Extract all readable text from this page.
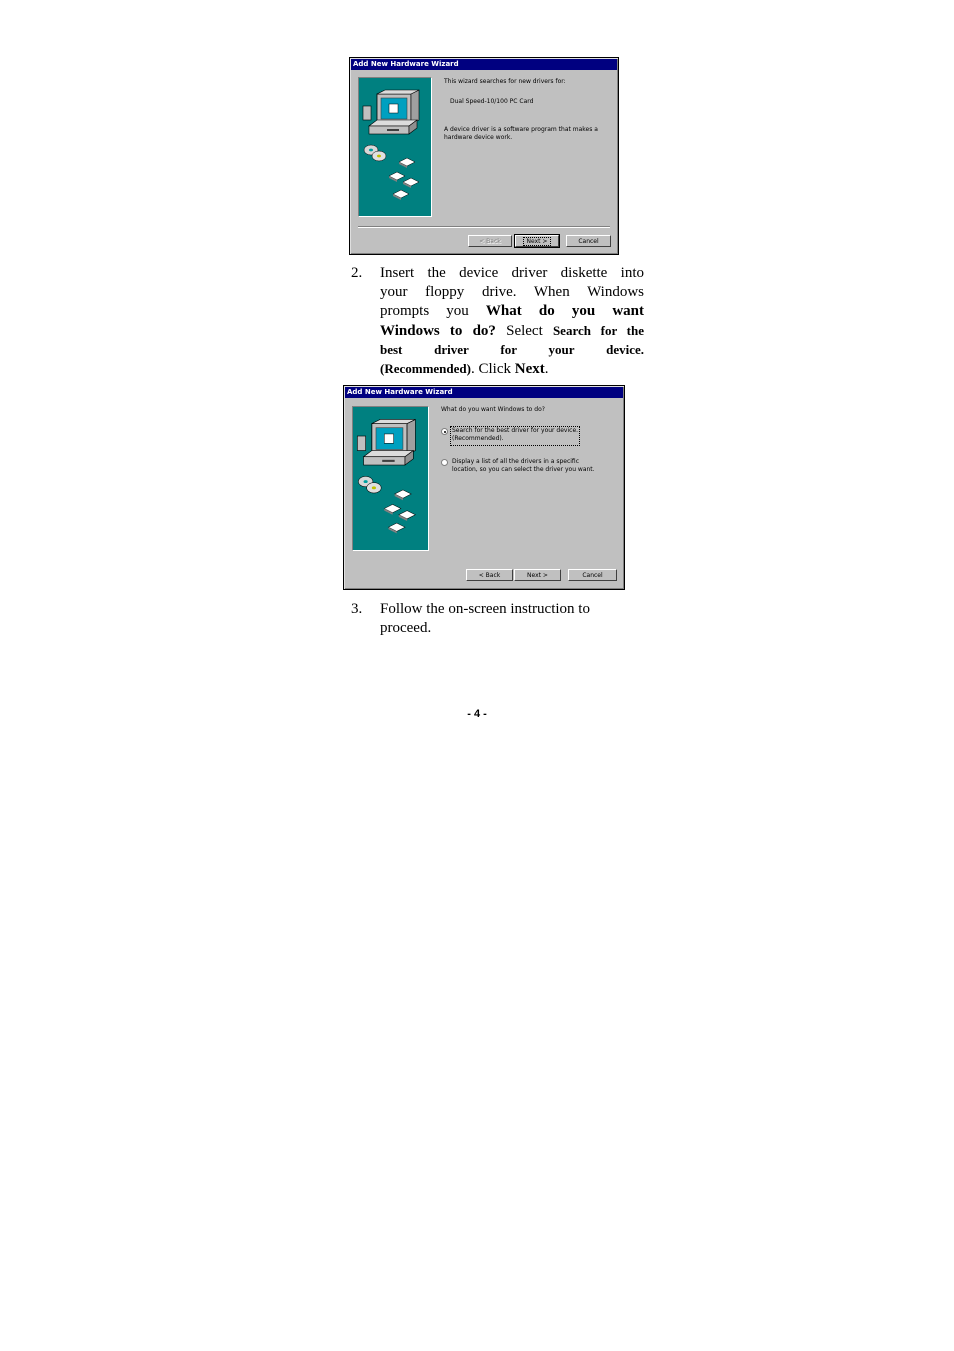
Add New Hardware Wizard
This wizard searches for new drivers for:
Dual Speed-10/100 PC Card
A device driver is a software program that makes a
hardware device work.
< Back	Next >	Cancel
2. Insert the device driver diskette into
your floppy drive. When Windows
prompts you What do you want
Windows to do? Select Search for the
best driver for your device.
(Recommended). Click Next.
Add New Hardware Wizard
What do you want Windows to do?
Search for the best driver for your device.
(Recommended).
Display a list of all the drivers in a specific
location, so you can select the driver you want.
< Back	Next >	Cancel
3. Follow the on-screen instruction to
proceed.
- 4 -
